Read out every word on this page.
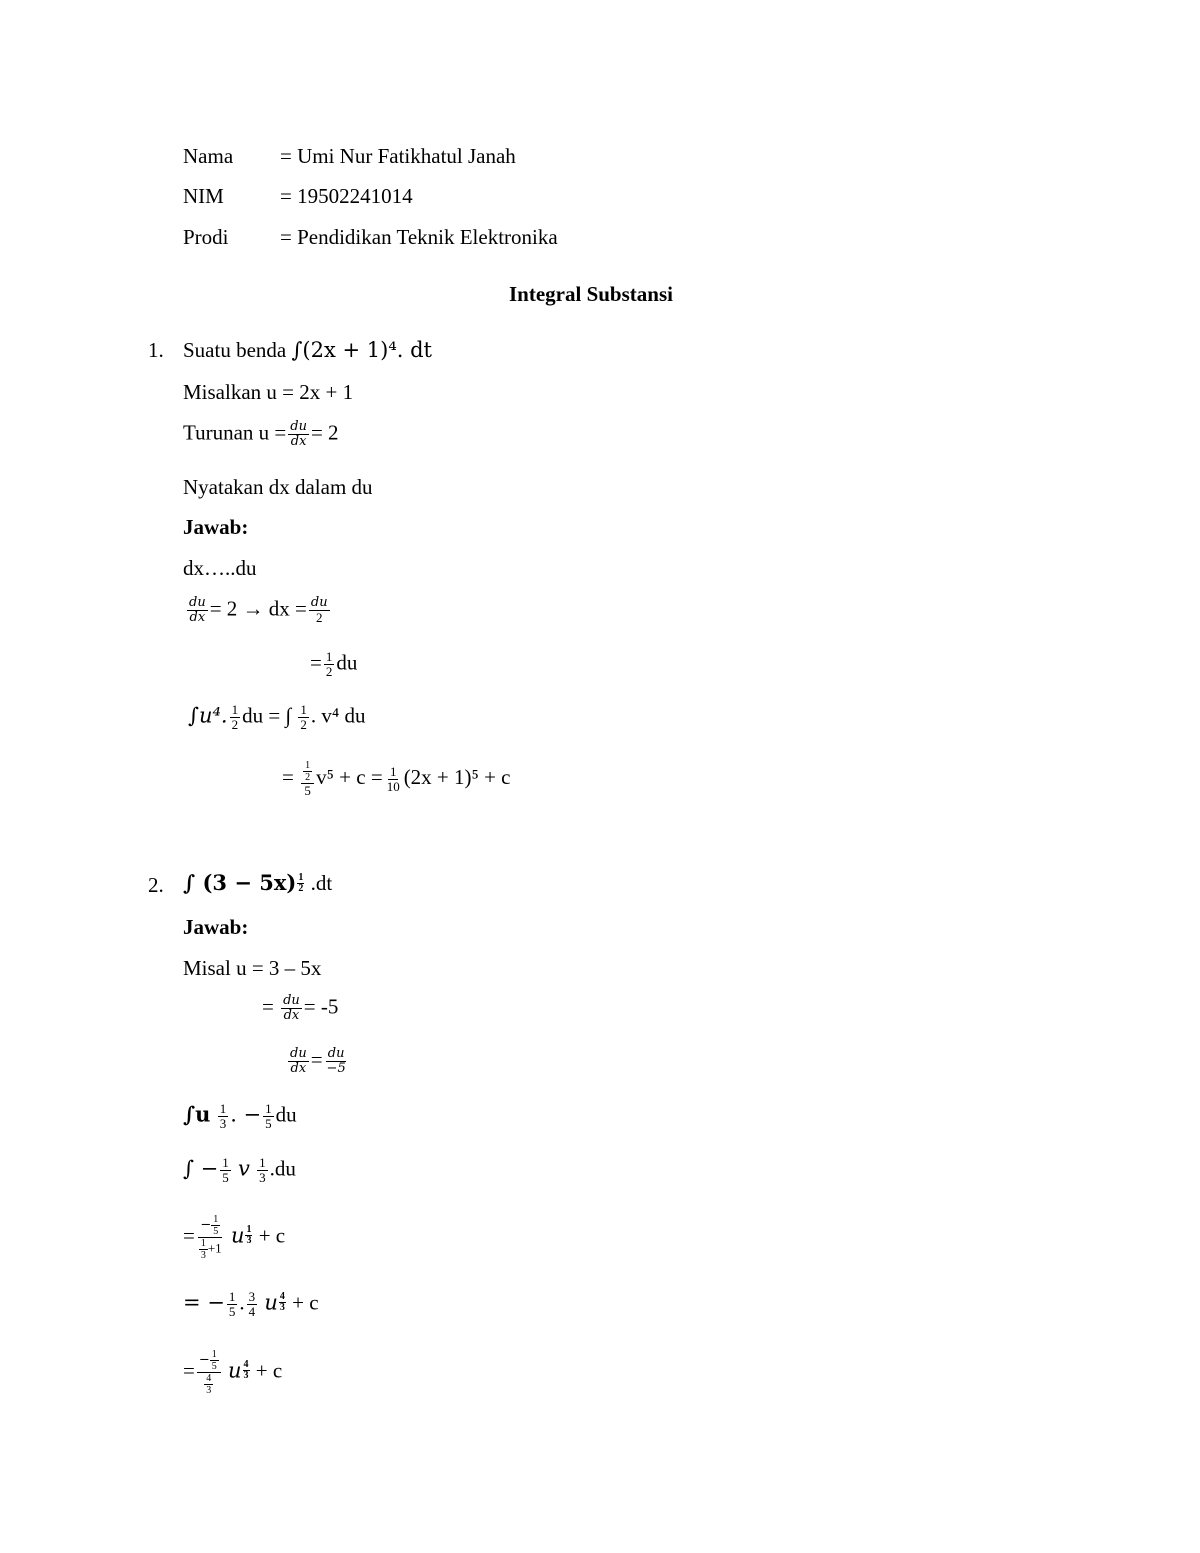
Nama = Umi Nur Fatikhatul Janah
NIM	= 19502241014
Prodi = Pendidikan Teknik Elektronika
Integral Substansi
1. Suatu benda ∫(2x + 1)⁴. dt
Misalkan u = 2x + 1
Turunan $u = \frac{du}{dx} = 2$
Nyatakan dx dalam du
Jawab:
dx…..du
$\frac{du}{dx} = 2$ → dx = $\frac{du}{2}$
= $\frac{1}{2}$ du
∫u⁴. $\frac{1}{2}$ du = ∫ $\frac{1}{2}$ . v⁴ du
= $\frac{\frac{1}{2}}{5} v^5 + c = \frac{1}{10} (2x + 1)^5 + c$
2. ∫ $(3 - 5x) \frac{1}{2} .dt$
Jawab:
Misal u = 3 – 5x
= $\frac{du}{dx} = -5$
$\frac{du}{dx} = \frac{du}{-5}$
$\int u \frac{1}{3}$ . − $\frac{1}{5}$ du
∫ − $\frac{1}{5}$ v $\frac{1}{3} .du$
= $\frac{- \frac{1}{5}}{\frac{1}{3} +1}$ u $\frac{1}{3} + c$
= − $\frac{1}{5}$ . $\frac{3}{4}$ u $\frac{4}{3} + c$
= $\frac{- \frac{1}{5}}{\frac{4}{3}}$ u $\frac{4}{3} + c$
